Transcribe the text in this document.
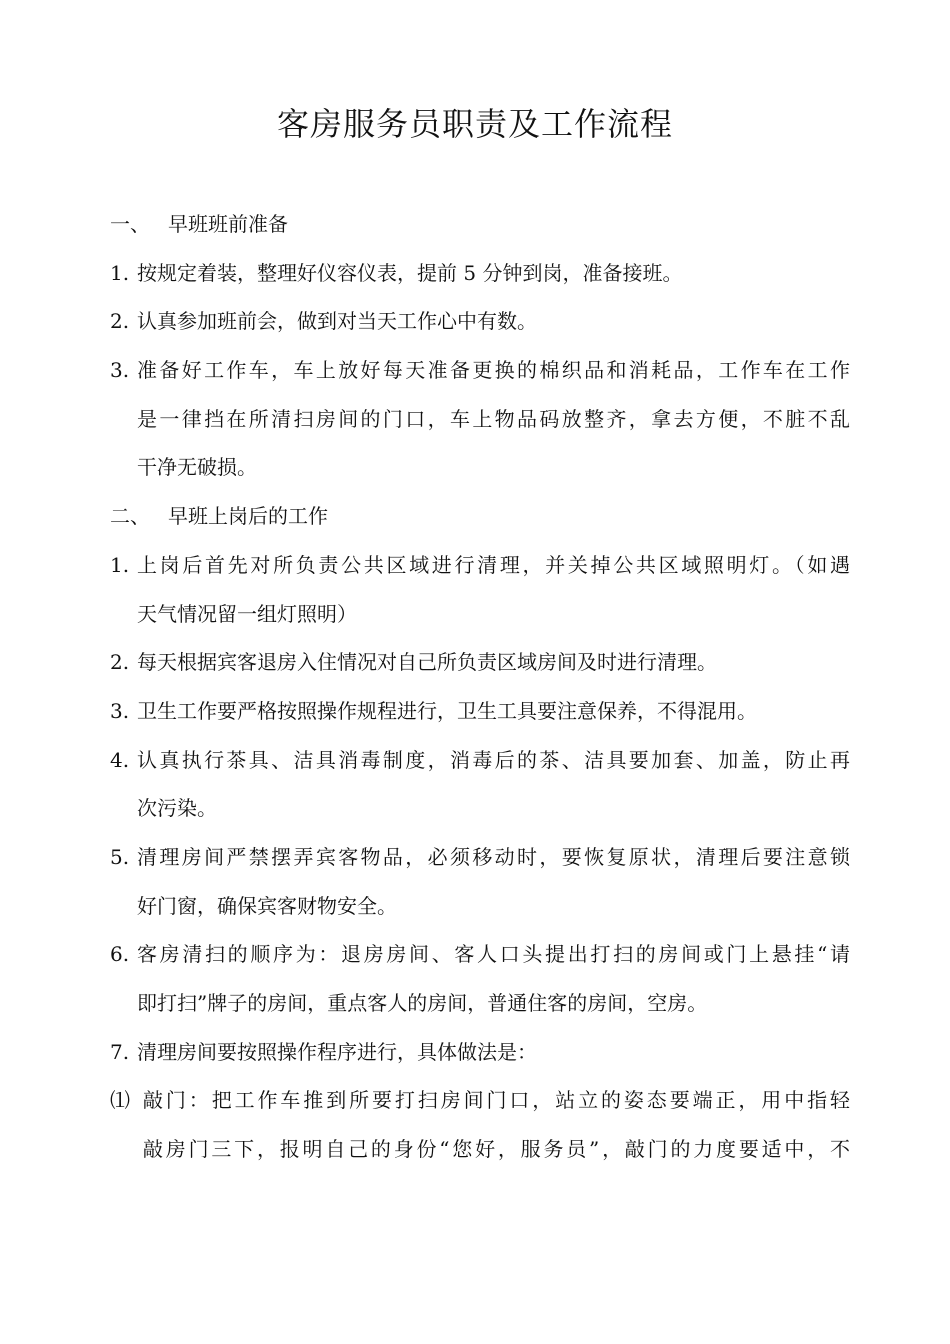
客房服务员职责及工作流程
一、 早班班前准备
1. 按规定着装，整理好仪容仪表，提前 5 分钟到岗，准备接班。
2. 认真参加班前会，做到对当天工作心中有数。
3. 准备好工作车，车上放好每天准备更换的棉织品和消耗品，工作车在工作
是一律挡在所清扫房间的门口，车上物品码放整齐，拿去方便，不脏不乱
干净无破损。
二、 早班上岗后的工作
1. 上岗后首先对所负责公共区域进行清理，并关掉公共区域照明灯。（如遇
天气情况留一组灯照明）
2. 每天根据宾客退房入住情况对自己所负责区域房间及时进行清理。
3. 卫生工作要严格按照操作规程进行，卫生工具要注意保养，不得混用。
4. 认真执行茶具、洁具消毒制度，消毒后的茶、洁具要加套、加盖，防止再
次污染。
5. 清理房间严禁摆弄宾客物品，必须移动时，要恢复原状，清理后要注意锁
好门窗，确保宾客财物安全。
6. 客房清扫的顺序为：退房房间、客人口头提出打扫的房间或门上悬挂“请
即打扫”牌子的房间，重点客人的房间，普通住客的房间，空房。
7. 清理房间要按照操作程序进行，具体做法是：
⑴ 敲门：把工作车推到所要打扫房间门口，站立的姿态要端正，用中指轻
敲房门三下，报明自己的身份“您好，服务员”，敲门的力度要适中，不
